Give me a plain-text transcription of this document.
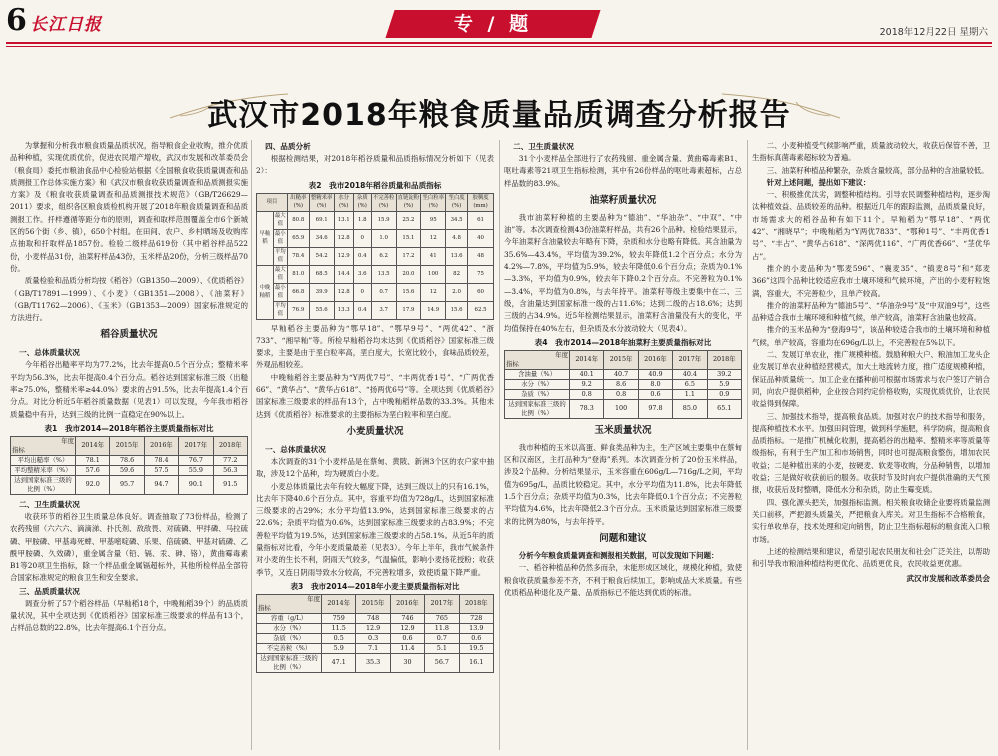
6 长江日报	专 / 题	2018年12月22日 星期六
武汉市2018年粮食质量品质调查分析报告

为掌握和分析我市粮食质量品质状况，指导粮食企业收购，推介优质品种种植，实现优质优价，促进农民增产增收，武汉市发展和改革委员会（粮食局）委托市粮油食品中心检验站根据《全国粮食收获质量调查和品质测报工作总体实施方案》和《武汉市粮食收获质量调查和品质测报实施方案》及《粮食收获质量调查和品质测报技术规范》（GB/T26629—2011）要求，组织各区粮食质检机构开展了2018年粮食质量调查和品质测报工作。扦样遵循等距分布的原则，调查和取样范围覆盖全市6个新城区的56个街（乡、镇），650个村组。在田间、农户、乡村晒场及收购库点抽取和扦取样品1857份。检验二级样品619份（其中稻谷样品522份，小麦样品31份，油菜籽样品43份，玉米样品20份，分析三级样品70份。

质量检验和品质分析均按《稻谷》（GB1350—2009）、《优质稻谷》（GB/T17891—1999）、《小麦》（GB1351—2008）、《油菜籽》（GB/T11762—2006）、《玉米》（GB1353—2009）国家标准规定的方法进行。

稻谷质量状况
一、总体质量状况

今年稻谷出糙率平均为77.2%，比去年提高0.5个百分点；整精米率平均为56.3%，比去年提高0.4个百分点。稻谷达到国家标准三级（出糙率≥75.0%，整精米率≥44.0%）要求的占91.5%，比去年提高1.4个百分点。对比分析近5年稻谷质量数据（见表1）可以发现，今年我市稻谷质量稳中有升，达到三级的比例一直稳定在90%以上。

表1　我市2014—2018年稻谷主要质量指标对比
年度

指标	2014年	2015年	2016年	2017年	2018年
平均出糙率（%）	78.1	78.6	78.4	76.7	77.2
平均整精米率（%）	57.6	59.6	57.5	55.9	56.3
达到国家标准三级的比例（%）	92.0	95.7	94.7	90.1	91.5
二、卫生质量状况

收获环节的稻谷卫生质量总体良好。调查抽取了73份样品，检测了农药残留（六六六、滴滴涕、扑氏剂、敌敌畏、对硫磷、甲拌磷、马拉硫磷、甲胺磷、甲基毒死蜱、甲基嘧啶磷、乐果、倍硫磷、甲基对硫磷、乙酰甲胺磷、久效磷），重金属含量（铅、镉、汞、砷、铬），黄曲霉毒素B1等20项卫生指标，除一个样品重金属镉超标外，其他所检样品全部符合国家标准规定的粮食卫生和安全要求。

三、品质质量状况

调查分析了57个稻谷样品（早籼稻18个，中晚籼稻39个）的品质质量状况，其中全项达到《优质稻谷》国家标准三级要求的样品有13个，占样品总数的22.8%，比去年提高6.1个百分点。

四、品质分析

根据检测结果，对2018年稻谷质量和品质指标情况分析如下（见表2）：

表2　我市2018年稻谷质量和品质指标
项目		出糙率(%)	整精米率(%)	水分(%)	杂质(%)	不完善粒(%)	直链淀粉(%)	垩白粒率(%)	垩白度(%)	胶稠度(mm)
早籼稻	最大值	80.8	69.1	13.1	1.8	15.9	25.2	95	34.5	61
	最小值	65.9	34.6	12.8	0	1.0	15.1	12	4.8	40
	平均值	78.4	54.2	12.9	0.4	6.2	17.2	41	13.6	48
中晚籼稻	最大值	81.0	68.5	14.4	3.6	13.5	20.0	100	82	75
	最小值	66.8	39.9	12.8	0	0.7	15.6	12	2.0	60
	平均值	76.9	55.6	13.3	0.4	3.7	17.9	14.9	15.6	62.5

早籼稻谷主要品种为“鄂早18”、“鄂早9号”、“两优42”、“浙733”、“湘早籼”等。所检早籼稻谷均未达到《优质稻谷》国家标准三级要求，主要是由于垩白粒率高，垩白度大，长宽比较小，食味品质较差，外观品相较差。

中晚籼稻谷主要品种为“Y两优7号”、“丰两优香1号”、“广两优香66”、“黄华占”、“黄华占618”、“扬两优6号”等。全项达到《优质稻谷》国家标准三级要求的样品有13个，占中晚籼稻样品数的33.3%。其他未达到《优质稻谷》标准要求的主要指标为垩白粒率和垩白度。

小麦质量状况
一、总体质量状况

本次调查的31个小麦样品是在蔡甸、黄陂、新洲3个区的农户家中抽取，涉及12个品种，均为硬质白小麦。

小麦总体质量比去年有较大幅度下降，达到三级以上的只有16.1%，比去年下降40.6个百分点。其中，容重平均值为728g/L，达到国家标准三级要求的占29%；水分平均值13.9%，达到国家标准三级要求的占22.6%；杂质平均值为0.6%，达到国家标准三级要求的占83.9%；不完善粒平均值为19.5%，达到国家标准三级要求的占58.1%。从近5年的质量指标对比看，今年小麦质量最差（见表3）。今年上半年，我市气候条件对小麦的生长不利，阴雨天气较多，气温偏低，影响小麦扬花授粉；收获季节，又连日阴雨导致水分较高，不完善粒增多，致使质量下降严重。

表3　我市2014—2018年小麦主要质量指标对比
年度

指标	2014年	2015年	2016年	2017年	2018年
容重（g/L）	759	748	746	765	728
水分（%）	11.5	12.9	12.9	11.8	13.9
杂质（%）	0.5	0.3	0.6	0.7	0.6
不完善粒（%）	5.9	7.1	11.4	5.1	19.5
达到国家标准三级的比例（%）	47.1	35.3	30	56.7	16.1
二、卫生质量状况

31个小麦样品全部进行了农药残留、重金属含量、黄曲霉毒素B1、呕吐毒素等21项卫生指标检测，其中有26份样品的呕吐毒素超标，占总样品数的83.9%。

油菜籽质量状况

我市油菜籽种植的主要品种为“德油”、“华油杂”、“中双”、“中油”等。本次调查检测43份油菜籽样品，共有26个品种。检验结果显示，今年油菜籽含油量较去年略有下降，杂质和水分也略有降低。其含油量为35.6%—43.4%，平均值为39.2%，较去年降低1.2个百分点；水分为4.2%—7.8%，平均值为5.9%，较去年降低0.6个百分点；杂质为0.1%—3.3%，平均值为0.9%，较去年下降0.2个百分点。不完善粒为0.1%—3.4%，平均值为0.8%，与去年持平。油菜籽等级主要集中在二、三级，含油量达到国家标准一级的占11.6%；达到二级的占18.6%；达到三级的占34.9%。近5年检测结果显示，油菜籽含油量没有大的变化，平均值保持在40%左右，但杂质及水分波动较大（见表4）。

表4　我市2014—2018年油菜籽主要质量指标对比
年度

指标	2014年	2015年	2016年	2017年	2018年
含油量（%）	40.1	40.7	40.9	40.4	39.2
水分（%）	9.2	8.6	8.0	6.5	5.9
杂质（%）	0.8	0.8	0.6	1.1	0.9
达到国家标准三级的比例（%）	78.3	100	97.8	85.0	65.1
玉米质量状况

我市种植的玉米以高蛋、鲜食类品种为主，生产区域主要集中在蔡甸区和汉南区，主打品种为“登海”系列。本次调查分析了20份玉米样品，涉及2个品种。分析结果显示，玉米容重在606g/L—716g/L之间，平均值为695g/L，品质比较稳定。其中，水分平均值为11.8%，比去年降低1.5个百分点；杂质平均值为0.3%，比去年降低0.1个百分点；不完善粒平均值为4.6%，比去年降低2.3个百分点。玉米质量达到国家标准三级要求的比例为80%，与去年持平。

问题和建议

分析今年粮食质量调查和测报相关数据，可以发现如下问题：

一、稻谷种植品种仍然多而杂，未能形成区域化，规模化种植，致使粮食收获质量参差不齐，不利于粮食后续加工，影响成品大米质量。有些优质稻品种退化及产量、品质指标已不能达到优质的标准。

二、小麦种植受气候影响严重，质量波动较大，收获后保管不善，卫生指标真菌毒素超标较为普遍。

三、油菜籽种植品种繁杂，杂质含量较高，部分品种的含油量较低。

针对上述问题，提出如下建议：

一、积极推优汰劣，调整种植结构。引导农民调整种植结构，逐步淘汰种植效益、品质较差的品种。根据近几年的跟踪监测，品质质量良好，市场需求大的稻谷品种有如下11个。早籼稻为“鄂早18”、“两优42”、“湘晓早”；中晚籼稻为“Y两优7833”、“鄂种1号”、“丰两优香1号”、“丰占”、“黄华占618”、“深两优116”、“广两优香66”、“茎优华占”。

推介的小麦品种为“鄂麦596”、“襄麦35”、“镇麦8号”和“郑麦366”这四个品种比较适应我市土壤环境和气候环境，产出的小麦籽粒饱满，容重大，不完善粒少，且单产较高。

推介的油菜籽品种为“德油5号”、“华油杂9号”及“中双油9号”，这些品种适合我市土壤环境和种植气候，单产较高，油菜籽含油量也较高。

推介的玉米品种为“登海9号”，该品种较适合我市的土壤环境和种植气候，单产较高，容重均在696g/L以上，不完善粒在5%以下。

二、发展订单农业，推广规模种植。鼓励种粮大户、粮油加工龙头企业发展订单农业种植经营模式，加大土地流转力度，推广适度规模种植，保证品种质量统一。加工企业在播种前可根据市场需求与农户签订产销合同，向农户提供稻种，企业按合同约定价格收购，实现优质优价，让农民收益得到保障。

三、加强技术指导，提高粮食品质。加强对农户的技术指导和服务，提高种植技术水平。加强田间管理，做到科学施肥，科学防病，提高粮食品质指标。一是推广机械化收割，提高稻谷的出糙率、整精米率等质量等级指标，有利于生产加工和市场销售，同时也可提高粮食整伤，增加农民收益；二是种植出来的小麦，按硬麦、软麦等收购，分品种销售，以增加收益；三是做好收获前后的服务。收获时节及时向农户提供准确的天气预报，收获后及时整晒，降低水分和杂质，防止生霉变质。

四、强化源头把关，加强指标监测。相关粮食收储企业要将质量监测关口前移，严把源头质量关，严把粮食入库关。对卫生指标不合格粮食，实行单收单存，技术处理和定向销售，防止卫生指标超标的粮食流入口粮市场。

上述的检测结果和建议，希望引起农民朋友和社会广泛关注，以帮助和引导我市粮油种植结构更优化、品质更优良，农民收益更优惠。

武汉市发展和改革委员会
